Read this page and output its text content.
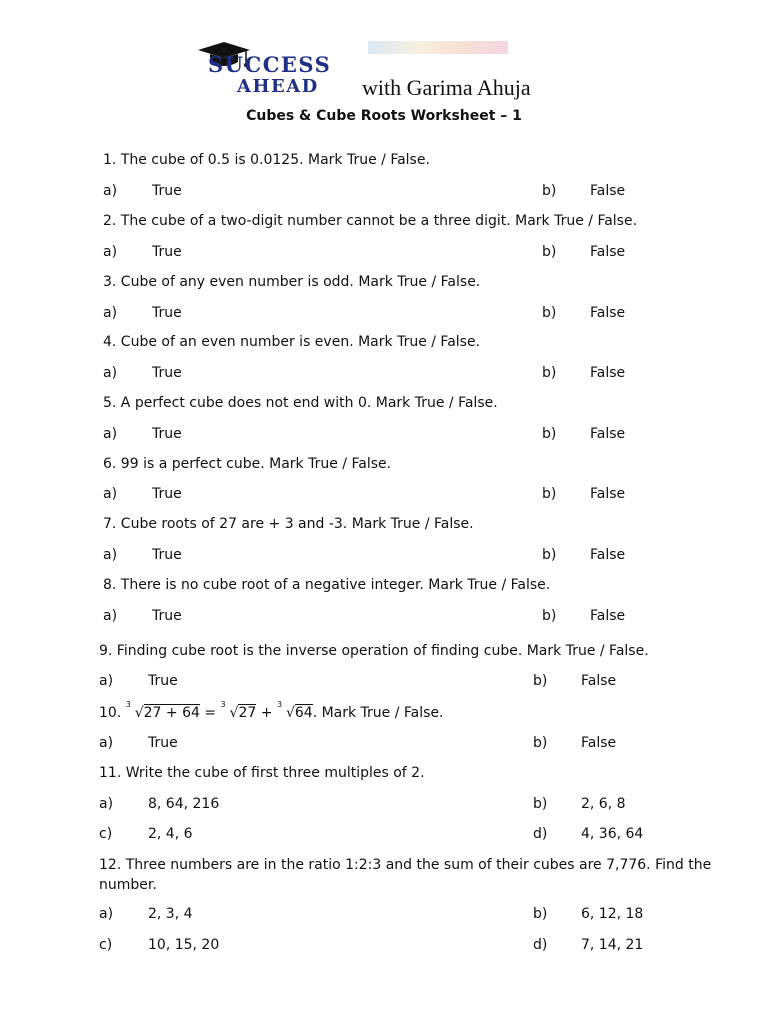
SUCCESS
AHEAD with Garima Ahuja
Cubes & Cube Roots Worksheet – 1
1. The cube of 0.5 is 0.0125. Mark True / False.
a) True	b) False
2. The cube of a two-digit number cannot be a three digit. Mark True / False.
a) True	b) False
3. Cube of any even number is odd. Mark True / False.
a) True	b) False
4. Cube of an even number is even. Mark True / False.
a) True	b) False
5. A perfect cube does not end with 0. Mark True / False.
a) True	b) False
6. 99 is a perfect cube. Mark True / False.
a) True	b) False
7. Cube roots of 27 are + 3 and -3. Mark True / False.
a) True	b) False
8. There is no cube root of a negative integer. Mark True / False.
a) True	b) False
9. Finding cube root is the inverse operation of finding cube. Mark True / False.
a) True	b) False
10.
3
√27 + 64 =
3
√27 +
3
√64. Mark True / False.
a) True	b) False
11. Write the cube of first three multiples of 2.
a) 8, 64, 216	b) 2, 6, 8
c)	2, 4, 6	d) 4, 36, 64
12. Three numbers are in the ratio 1:2:3 and the sum of their cubes are 7,776. Find the
number.
a) 2, 3, 4	b) 6, 12, 18
c)	10, 15, 20	d) 7, 14, 21
